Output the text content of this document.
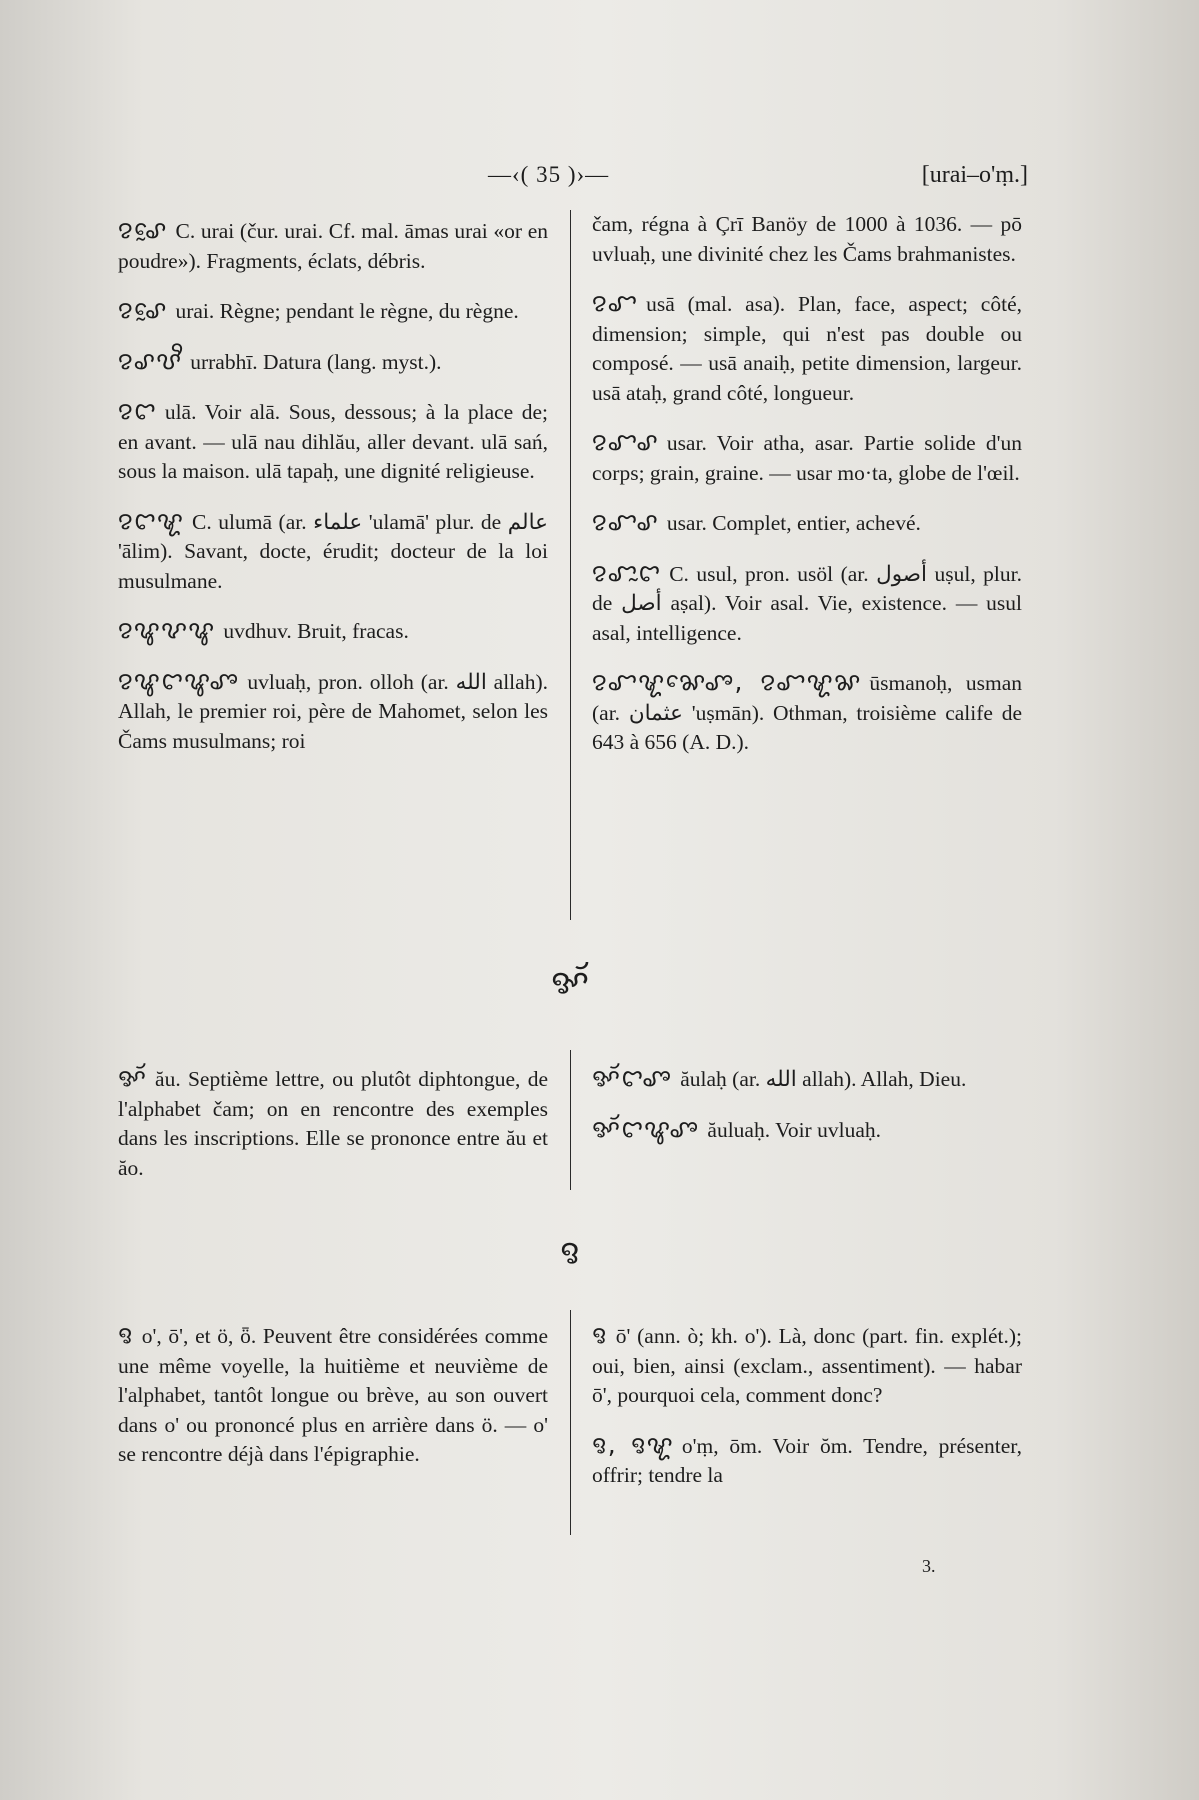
—‹( 35 )›—	[urai–o'ṃ.]

ꨂꨣꨰ C. urai (čur. urai. Cf. mal. āmas urai «or en poudre»). Fragments, éclats, débris.

ꨂꨣꨰ urai. Règne; pendant le règne, du règne.

ꨂꨣꨝꨪ urrabhī. Datura (lang. myst.).

ꨂꨤ ulā. Voir alā. Sous, dessous; à la place de; en avant. — ulā nau dihlău, aller devant. ulā sań, sous la maison. ulā tapaḥ, une dignité religieuse.

ꨂꨤꨠ C. ulumā (ar. علماء 'ulamā' plur. de عالم 'ālim). Savant, docte, érudit; docteur de la loi musulmane.

ꨂꨥꨖꨥ uvdhuv. Bruit, fracas.

ꨂꨥꨤꨥꨨ uvluaḥ, pron. olloh (ar. الله allah). Allah, le premier roi, père de Mahomet, selon les Čams musulmans; roi

čam, régna à Çrī Banöy de 1000 à 1036. — pō uvluaḥ, une divinité chez les Čams brahmanistes.

ꨂꨧ usā (mal. asa). Plan, face, aspect; côté, dimension; simple, qui n'est pas double ou composé. — usā anaiḥ, petite dimension, largeur. usā ataḥ, grand côté, longueur.

ꨂꨧꨣ usar. Voir atha, asar. Partie solide d'un corps; grain, graine. — usar mo·ta, globe de l'œil.

ꨂꨧꨣ usar. Complet, entier, achevé.

ꨂꨧꨭꨤ C. usul, pron. usöl (ar. أصول uṣul, plur. de أصل aṣal). Voir asal. Vie, existence. — usul asal, intelligence.

ꨂꨧꨠꨗꨯꨨ, ꨂꨧꨠꨗ ūsmanoḥ, usman (ar. عثمان 'uṣmān). Othman, troisième calife de 643 à 656 (A. D.).

ꨀꨮ

ꨀꨮ ău. Septième lettre, ou plutôt diphtongue, de l'alphabet čam; on en rencontre des exemples dans les inscriptions. Elle se prononce entre ău et ăo.

ꨀꨮꨤꨨ ăulaḥ (ar. الله allah). Allah, Dieu.

ꨀꨮꨤꨥꨨ ăuluaḥ. Voir uvluaḥ.

ꨅ

ꨅ o', ō', et ö, ȫ. Peuvent être considérées comme une même voyelle, la huitième et neuvième de l'alphabet, tantôt longue ou brève, au son ouvert dans o' ou prononcé plus en arrière dans ö. — o' se rencontre déjà dans l'épigraphie.

ꨅ ō' (ann. ò; kh. o'). Là, donc (part. fin. explét.); oui, bien, ainsi (exclam., assentiment). — habar ō', pourquoi cela, comment donc?

ꨅ, ꨅꨠ o'ṃ, ōm. Voir ŏm. Tendre, présenter, offrir; tendre la

3.
